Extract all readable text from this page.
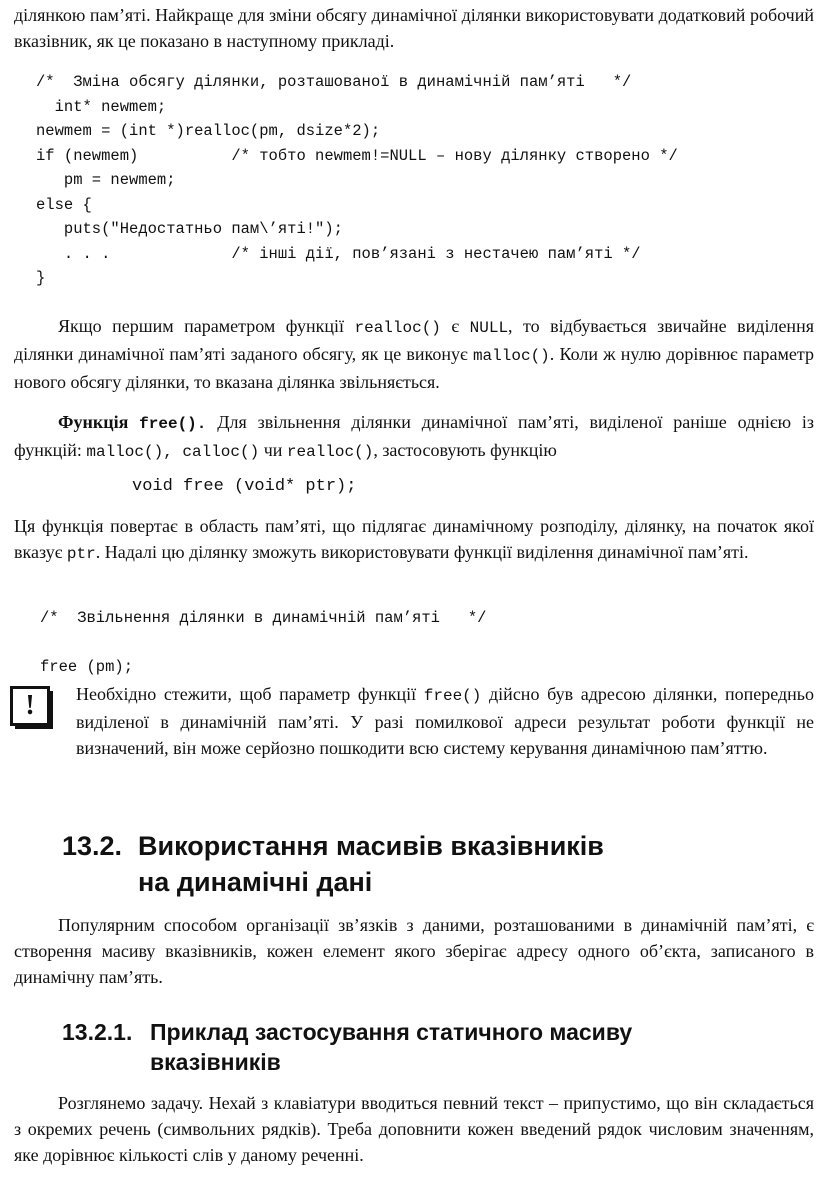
ділянкою пам’яті. Найкраще для зміни обсягу динамічної ділянки використовувати додатковий робочий вказівник, як це показано в наступному прикладі.

/*  Зміна обсягу ділянки, розташованої в динамічній пам’яті   */
int* newmem;
newmem = (int *)realloc(pm, dsize*2);
if (newmem)          /* тобто newmem!=NULL – нову ділянку створено */
pm = newmem;
else {
puts("Недостатньо пам\’яті!");
. . .             /* інші дії, пов’язані з нестачею пам’яті */
}

Якщо першим параметром функції realloc() є NULL, то відбувається звичайне виділення ділянки динамічної пам’яті заданого обсягу, як це виконує malloc(). Коли ж нулю дорівнює параметр нового обсягу ділянки, то вказана ділянка звільняється.

Функція free(). Для звільнення ділянки динамічної пам’яті, виділеної раніше однією із функцій: malloc(), calloc() чи realloc(), застосовують функцію

void free (void* ptr);

Ця функція повертає в область пам’яті, що підлягає динамічному розподілу, ділянку, на початок якої вказує ptr. Надалі цю ділянку зможуть використовувати функції виділення динамічної пам’яті.

/*  Звільнення ділянки в динамічній пам’яті   */

free (pm);
!	Необхідно стежити, щоб параметр функції free() дійсно був адресою ділянки, попередньо виділеної в динамічній пам’яті. У разі помилкової адреси результат роботи функції не визначений, він може серйозно пошкодити всю систему керування динамічною пам’яттю.

13.2. Використання масивів вказівників
на динамічні дані

Популярним способом організації зв’язків з даними, розташованими в динамічній пам’яті, є створення масиву вказівників, кожен елемент якого зберігає адресу одного об’єкта, записаного в динамічну пам’ять.

13.2.1. Приклад застосування статичного масиву
вказівників

Розглянемо задачу. Нехай з клавіатури вводиться певний текст – припустимо, що він складається з окремих речень (символьних рядків). Треба доповнити кожен введений рядок числовим значенням, яке дорівнює кількості слів у даному реченні.
